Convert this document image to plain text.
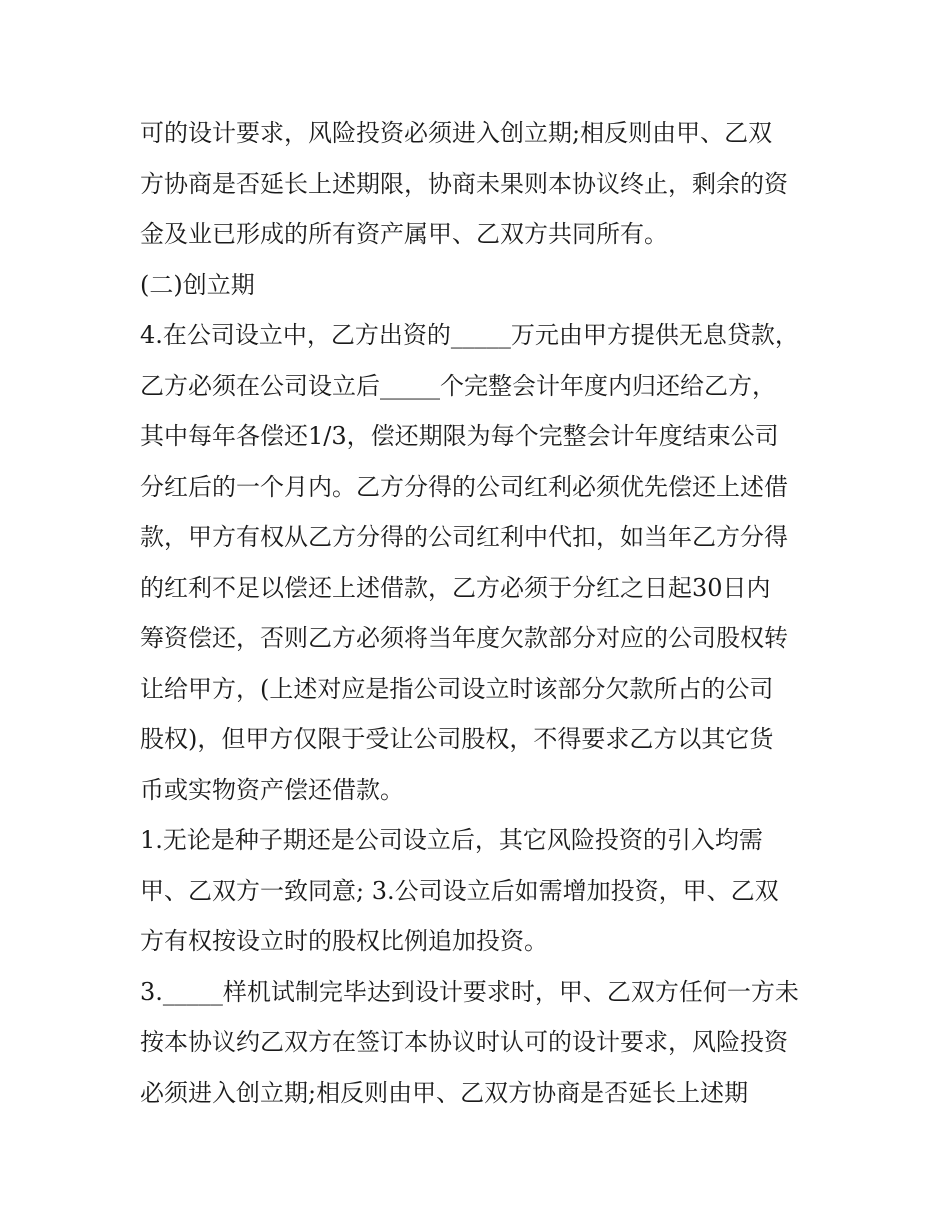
可的设计要求，风险投资必须进入创立期;相反则由甲、乙双
方协商是否延长上述期限，协商未果则本协议终止，剩余的资
金及业已形成的所有资产属甲、乙双方共同所有。
(二)创立期
4.在公司设立中，乙方出资的_____万元由甲方提供无息贷款，
乙方必须在公司设立后_____个完整会计年度内归还给乙方，
其中每年各偿还1/3，偿还期限为每个完整会计年度结束公司
分红后的一个月内。乙方分得的公司红利必须优先偿还上述借
款，甲方有权从乙方分得的公司红利中代扣，如当年乙方分得
的红利不足以偿还上述借款，乙方必须于分红之日起30日内
筹资偿还，否则乙方必须将当年度欠款部分对应的公司股权转
让给甲方，(上述对应是指公司设立时该部分欠款所占的公司
股权)，但甲方仅限于受让公司股权，不得要求乙方以其它货
币或实物资产偿还借款。
1.无论是种子期还是公司设立后，其它风险投资的引入均需
甲、乙双方一致同意; 3.公司设立后如需增加投资，甲、乙双
方有权按设立时的股权比例追加投资。
3._____样机试制完毕达到设计要求时，甲、乙双方任何一方未
按本协议约乙双方在签订本协议时认可的设计要求，风险投资
必须进入创立期;相反则由甲、乙双方协商是否延长上述期
